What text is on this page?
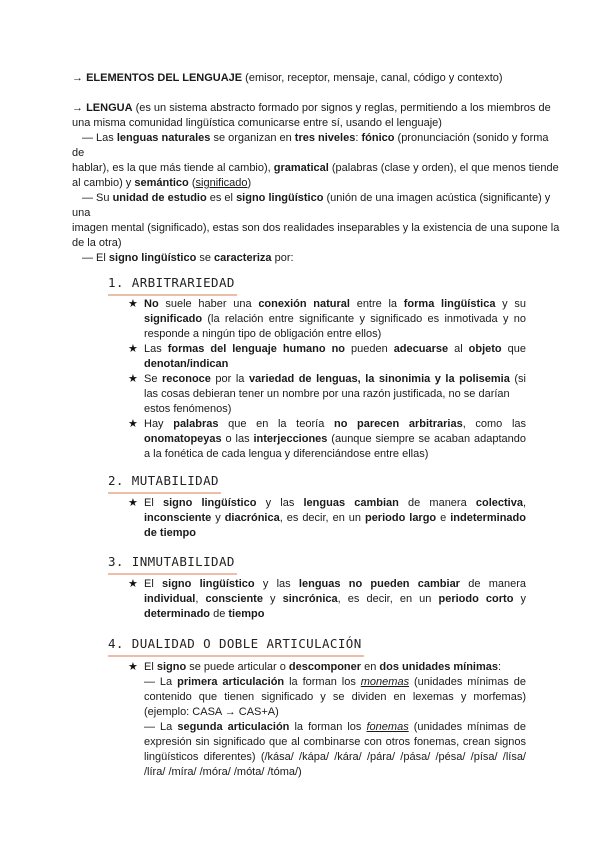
→ ELEMENTOS DEL LENGUAJE (emisor, receptor, mensaje, canal, código y contexto)
→ LENGUA (es un sistema abstracto formado por signos y reglas, permitiendo a los miembros de
una misma comunidad lingüística comunicarse entre sí, usando el lenguaje)
— Las lenguas naturales se organizan en tres niveles: fónico (pronunciación (sonido y forma
de
hablar), es la que más tiende al cambio), gramatical (palabras (clase y orden), el que menos tiende
al cambio) y semántico (significado)
— Su unidad de estudio es el signo lingüístico (unión de una imagen acústica (significante) y
una
imagen mental (significado), estas son dos realidades inseparables y la existencia de una supone la
de la otra)
— El signo lingüístico se caracteriza por:
1. ARBITRARIEDAD
★ No suele haber una conexión natural entre la forma lingüística y su
significado (la relación entre significante y significado es inmotivada y no
responde a ningún tipo de obligación entre ellos)
★ Las formas del lenguaje humano no pueden adecuarse al objeto que
denotan/indican
★ Se reconoce por la variedad de lenguas, la sinonimia y la polisemia (si
las cosas debieran tener un nombre por una razón justificada, no se darían
estos fenómenos)
★ Hay palabras que en la teoría no parecen arbitrarias, como las
onomatopeyas o las interjecciones (aunque siempre se acaban adaptando
a la fonética de cada lengua y diferenciándose entre ellas)
2. MUTABILIDAD
★ El signo lingüístico y las lenguas cambian de manera colectiva,
inconsciente y diacrónica, es decir, en un periodo largo e indeterminado
de tiempo
3. INMUTABILIDAD
★ El signo lingüístico y las lenguas no pueden cambiar de manera
individual, consciente y sincrónica, es decir, en un periodo corto y
determinado de tiempo
4. DUALIDAD O DOBLE ARTICULACIÓN
★ El signo se puede articular o descomponer en dos unidades mínimas:
— La primera articulación la forman los monemas (unidades mínimas de
contenido que tienen significado y se dividen en lexemas y morfemas)
(ejemplo: CASA → CAS+A)
— La segunda articulación la forman los fonemas (unidades mínimas de
expresión sin significado que al combinarse con otros fonemas, crean signos
lingüísticos diferentes) (/kása/ /kápa/ /kára/ /pára/ /pása/ /pésa/ /písa/ /lísa/
/líra/ /míra/ /móra/ /móta/ /tóma/)
